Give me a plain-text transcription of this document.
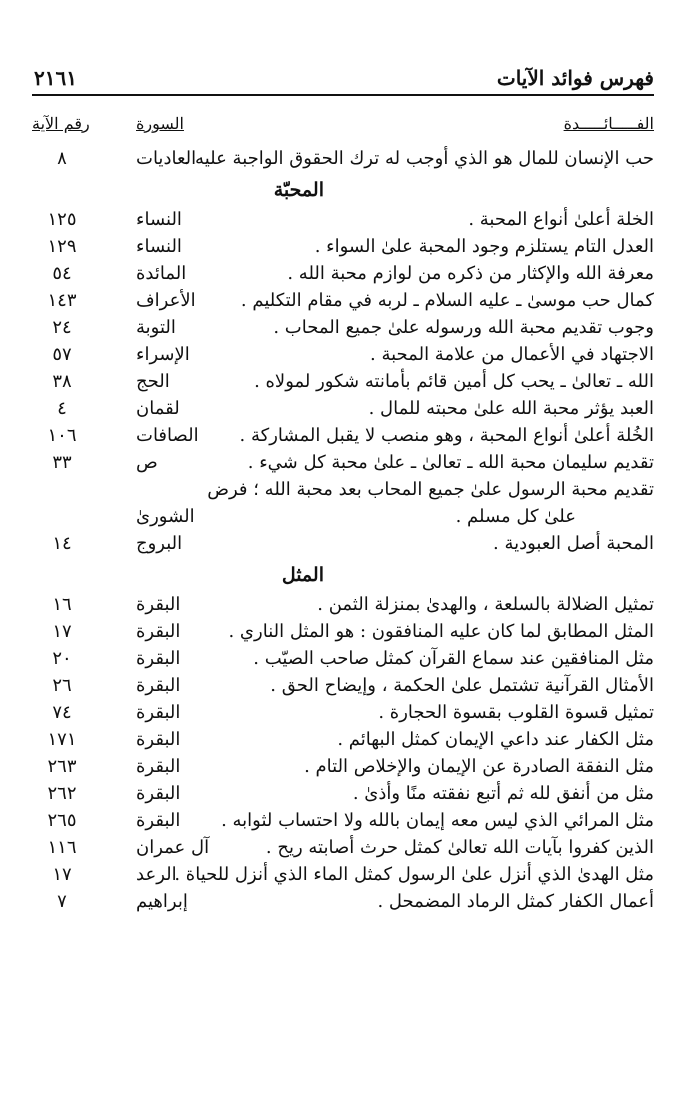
فهرس فوائد الآيات
٢١٦١
الفـــــائـــــدة
السورة
رقم الآية
حب الإنسان للمال هو الذي أوجب له ترك الحقوق الواجبة عليه .
العاديات
٨
المحبّة
الخلة أعلىٰ أنواع المحبة .
النساء
١٢٥
العدل التام يستلزم وجود المحبة علىٰ السواء .
النساء
١٢٩
معرفة الله والإكثار من ذكره من لوازم محبة الله .
المائدة
٥٤
كمال حب موسىٰ ـ عليه السلام ـ لربه في مقام التكليم .
الأعراف
١٤٣
وجوب تقديم محبة الله ورسوله علىٰ جميع المحاب .
التوبة
٢٤
الاجتهاد في الأعمال من علامة المحبة .
الإسراء
٥٧
الله ـ تعالىٰ ـ يحب كل أمين قائم بأمانته شكور لمولاه .
الحج
٣٨
العبد يؤثر محبة الله علىٰ محبته للمال .
لقمان
٤
الخُلة أعلىٰ أنواع المحبة ، وهو منصب لا يقبل المشاركة .
الصافات
١٠٦
تقديم سليمان محبة الله ـ تعالىٰ ـ علىٰ محبة كل شيء .
ص
٣٣
تقديم محبة الرسول علىٰ جميع المحاب بعد محبة الله ؛ فرض
علىٰ كل مسلم .
الشورىٰ
المحبة أصل العبودية .
البروج
١٤
المثل
تمثيل الضلالة بالسلعة ، والهدىٰ بمنزلة الثمن .
البقرة
١٦
المثل المطابق لما كان عليه المنافقون : هو المثل الناري .
البقرة
١٧
مثل المنافقين عند سماع القرآن كمثل صاحب الصيّب .
البقرة
٢٠
الأمثال القرآنية تشتمل علىٰ الحكمة ، وإيضاح الحق .
البقرة
٢٦
تمثيل قسوة القلوب بقسوة الحجارة .
البقرة
٧٤
مثل الكفار عند داعي الإيمان كمثل البهائم .
البقرة
١٧١
مثل النفقة الصادرة عن الإيمان والإخلاص التام .
البقرة
٢٦٣
مثل من أنفق لله ثم أتبع نفقته منًا وأذىٰ .
البقرة
٢٦٢
مثل المرائي الذي ليس معه إيمان بالله ولا احتساب لثوابه .
البقرة
٢٦٥
الذين كفروا بآيات الله تعالىٰ كمثل حرث أصابته ريح .
آل عمران
١١٦
مثل الهدىٰ الذي أنزل علىٰ الرسول كمثل الماء الذي أنزل للحياة .
الرعد
١٧
أعمال الكفار كمثل الرماد المضمحل .
إبراهيم
٧
